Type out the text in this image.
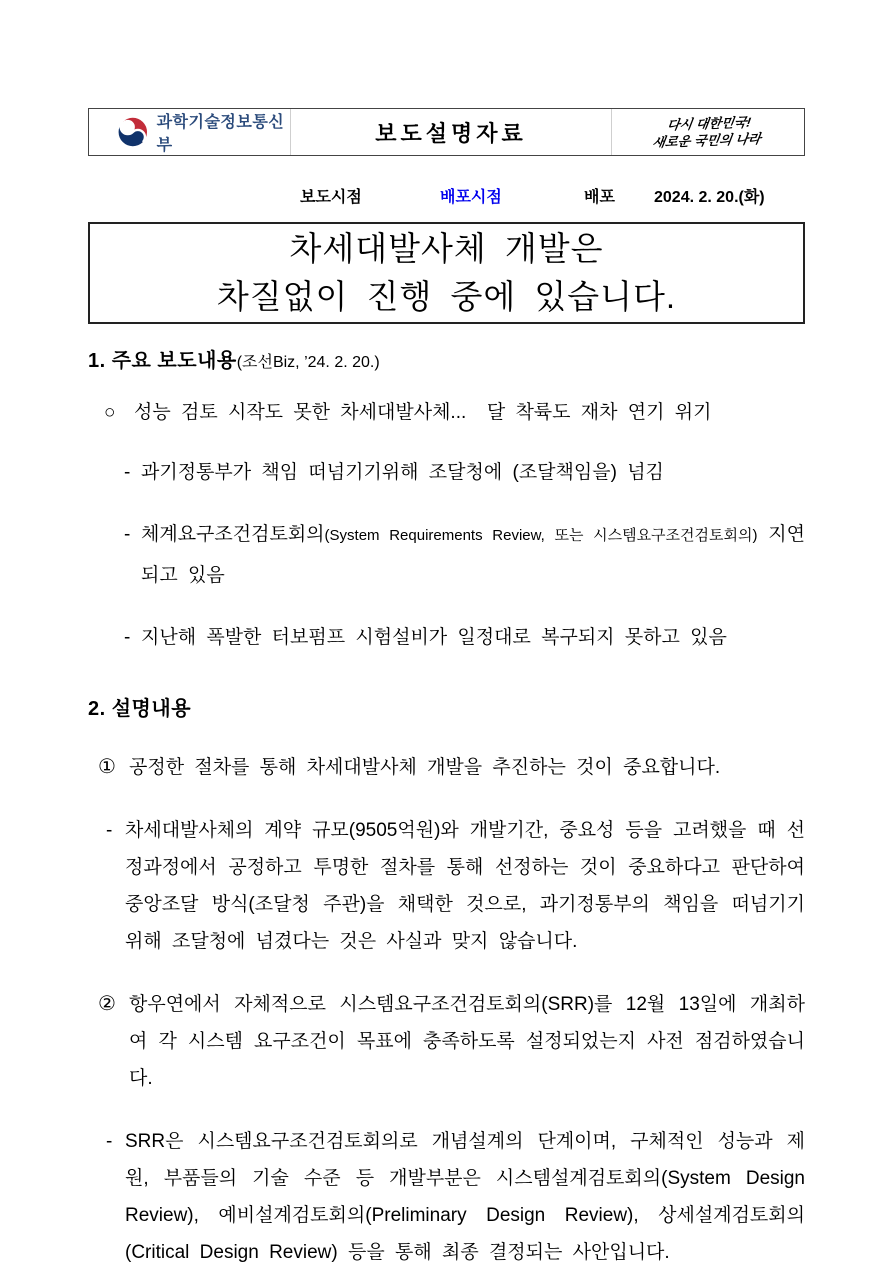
과학기술정보통신부	보도설명자료	다시 대한민국!
새로운 국민의 나라
보도시점	배포시점	배포 2024. 2. 20.(화)
차세대발사체 개발은
차질없이 진행 중에 있습니다.
1. 주요 보도내용(조선Biz, ’24. 2. 20.)
○ 성능 검토 시작도 못한 차세대발사체...  달 착륙도 재차 연기 위기
- 과기정통부가 책임 떠넘기기위해 조달청에 (조달책임을) 넘김
- 체계요구조건검토회의(System Requirements Review, 또는 시스템요구조건검토회의) 지연되고 있음
- 지난해 폭발한 터보펌프 시험설비가 일정대로 복구되지 못하고 있음
2. 설명내용
① 공정한 절차를 통해 차세대발사체 개발을 추진하는 것이 중요합니다.
- 차세대발사체의 계약 규모(9505억원)와 개발기간, 중요성 등을 고려했을 때 선정과정에서 공정하고 투명한 절차를 통해 선정하는 것이 중요하다고 판단하여 중앙조달 방식(조달청 주관)을 채택한 것으로, 과기정통부의 책임을 떠넘기기 위해 조달청에 넘겼다는 것은 사실과 맞지 않습니다.
② 항우연에서 자체적으로 시스템요구조건검토회의(SRR)를 12월 13일에 개최하여 각 시스템 요구조건이 목표에 충족하도록 설정되었는지 사전 점검하였습니다.
- SRR은 시스템요구조건검토회의로 개념설계의 단계이며, 구체적인 성능과 제원, 부품들의 기술 수준 등 개발부분은 시스템설계검토회의(System Design Review), 예비설계검토회의(Preliminary Design Review), 상세설계검토회의(Critical Design Review) 등을 통해 최종 결정되는 사안입니다.
